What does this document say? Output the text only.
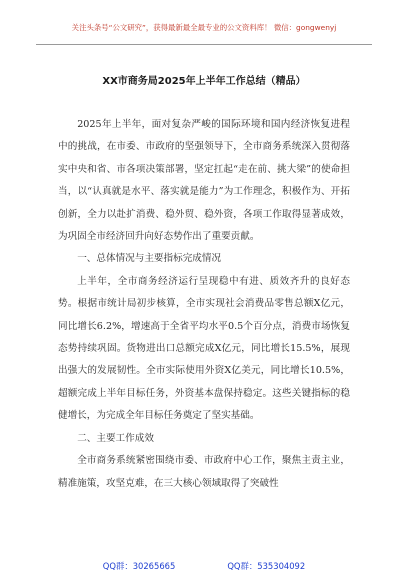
关注头条号“公文研究”，获得最新最全最专业的公文资料库！ 微信：gongwenyj
XX市商务局2025年上半年工作总结（精品）

2025年上半年，面对复杂严峻的国际环境和国内经济恢复进程中的挑战，在市委、市政府的坚强领导下，全市商务系统深入贯彻落实中央和省、市各项决策部署，坚定扛起“走在前、挑大梁”的使命担当，以“认真就是水平、落实就是能力”为工作理念，积极作为、开拓创新，全力以赴扩消费、稳外贸、稳外资，各项工作取得显著成效，为巩固全市经济回升向好态势作出了重要贡献。

一、总体情况与主要指标完成情况

上半年，全市商务经济运行呈现稳中有进、质效齐升的良好态势。根据市统计局初步核算，全市实现社会消费品零售总额X亿元，同比增长6.2%，增速高于全省平均水平0.5个百分点，消费市场恢复态势持续巩固。货物进出口总额完成X亿元，同比增长15.5%，展现出强大的发展韧性。全市实际使用外资X亿美元，同比增长10.5%，超额完成上半年目标任务，外资基本盘保持稳定。这些关键指标的稳健增长，为完成全年目标任务奠定了坚实基础。

二、主要工作成效

全市商务系统紧密围绕市委、市政府中心工作，聚焦主责主业，精准施策，攻坚克难，在三大核心领域取得了突破性

QQ群：30265665	QQ群：535304092
